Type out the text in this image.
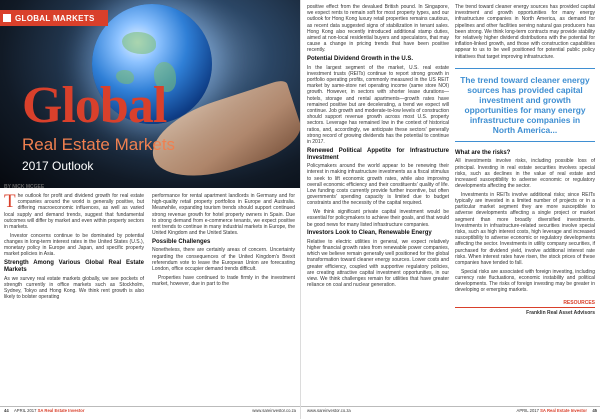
GLOBAL MARKETS
Global
Real Estate Markets
2017 Outlook
BY NICK MCGEE

The outlook for profit and dividend growth for real estate companies around the world is generally positive, but differing macroeconomic influences, as well as varied local supply and demand trends, suggest that fundamental outcomes will differ by market and even within property sectors in markets.

Investor concerns continue to be dominated by potential changes in long-term interest rates in the United States (U.S.), monetary policy in Europe and Japan, and specific property market policies in Asia.

Strength Among Various Global Real Estate Markets

As we survey real estate markets globally, we see pockets of strength currently in office markets such as Stockholm, Sydney, Tokyo and Hong Kong. We think rent growth is also likely to bolster operating

performance for rental apartment landlords in Germany and for high-quality retail property portfolios in Europe and Australia. Meanwhile, expanding tourism trends should support continued strong revenue growth for hotel property owners in Spain. Due to strong demand from e-commerce tenants, we expect positive rent trends to continue in many industrial markets in Europe, the United Kingdom and the United States.

Possible Challenges

Nonetheless, there are certainly areas of concern. Uncertainty regarding the consequences of the United Kingdom's Brexit referendum vote to leave the European Union are forecasting London, office occupier demand trends difficult.

Properties have continued to trade firmly in the investment market, however, due in part to the

44 APRIL 2017 SA Real Estate Investor	www.sareinvestor.co.za

positive effect from the devalued British pound. In Singapore, we expect rents to remain soft for most property types, and our outlook for Hong Kong luxury retail properties remains cautious, as recent data suggested signs of stabilization in tenant sales. Hong Kong also recently introduced additional stamp duties, aimed at non-local residential buyers and speculators, that may cause a change in pricing trends that have been positive recently.

Potential Dividend Growth in the U.S.

In the largest segment of the market, U.S. real estate investment trusts (REITs) continue to report strong growth in portfolio operating profits, commonly measured in the US REIT market by same-store net operating income (same store NOI) growth. However, in sectors with shorter lease durations—hotels, storage and rental apartments—growth rates have remained positive but are decelerating, a trend we expect will continue. Job growth and moderate-to-low levels of construction should support revenue growth across most U.S. property sectors. Leverage has remained low in the context of historical ratios, and, accordingly, we anticipate these sectors' generally strong record of growing dividends has the potential to continue in 2017.

Renewed Political Appetite for Infrastructure Investment

Policymakers around the world appear to be renewing their interest in making infrastructure investments as a fiscal stimulus to seek to lift economic growth rates, while also improving overall economic efficiency and their constituents' quality of life. Low funding costs currently provide further incentive, but often governments' spending capacity is limited due to budget constraints and the necessity of the capital required.

We think significant private capital investment would be essential for policymakers to achieve their goals, and that would be good news for many listed infrastructure companies.

Investors Look to Clean, Renewable Energy

Relative to electric utilities in general, we expect relatively higher financial growth rates from renewable power companies, which we believe remain generally well positioned for the global transformation toward cleaner energy sources. Lower costs and greater efficiency, coupled with supportive regulatory policies, are creating attractive capital investment opportunities, in our view. We think challenges remain for utilities that have greater reliance on coal and nuclear generation.

The trend toward cleaner energy sources has provided capital investment and growth opportunities for many energy infrastructure companies in North America, as demand for pipelines and other facilities serving natural gas producers has been strong. We think long-term contracts may provide stability for relatively higher dividend distributions with the potential for inflation-linked growth, and those with construction capabilities appear to us to be well positioned for potential public policy initiatives that target improving infrastructure.

The trend toward cleaner energy sources has provided capital investment and growth opportunities for many energy infrastructure companies in North America...
What are the risks?

All investments involve risks, including possible loss of principal. Investing in real estate securities involves special risks, such as declines in the value of real estate and increased susceptibility to adverse economic or regulatory developments affecting the sector.

Investments in REITs involve additional risks; since REITs typically are invested in a limited number of projects or in a particular market segment they are more susceptible to adverse developments affecting a single project or market segment than more broadly diversified investments. Investments in infrastructure-related securities involve special risks, such as high interest costs, high leverage and increased susceptibility to adverse economic or regulatory developments affecting the sector. Investments in utility company securities, if purchased for dividend yield, involve additional interest rate risks. When interest rates have risen, the stock prices of these companies have tended to fall.

Special risks are associated with foreign investing, including currency rate fluctuations, economic instability and political developments. The risks of foreign investing may be greater in developing or emerging markets.

RESOURCES
Franklin Real Asset Advisors
www.sareinvestor.co.za	APRIL 2017 SA Real Estate Investor 45
